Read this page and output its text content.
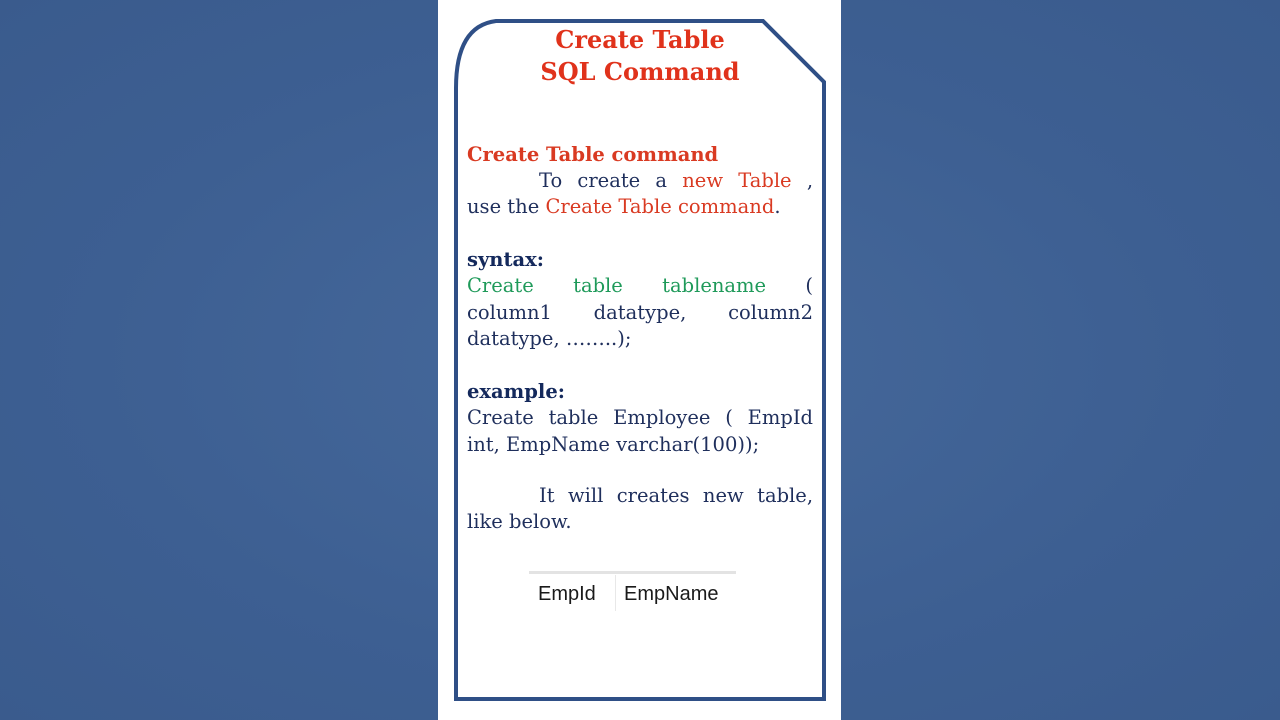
Create Table
SQL Command
Create Table command
To create a new Table ,
use the Create Table command.
syntax:
Create table tablename (
column1 datatype, column2
datatype, ……..);
example:
Create table Employee ( EmpId
int, EmpName varchar(100));
It will creates new table,
like below.
EmpId EmpName
